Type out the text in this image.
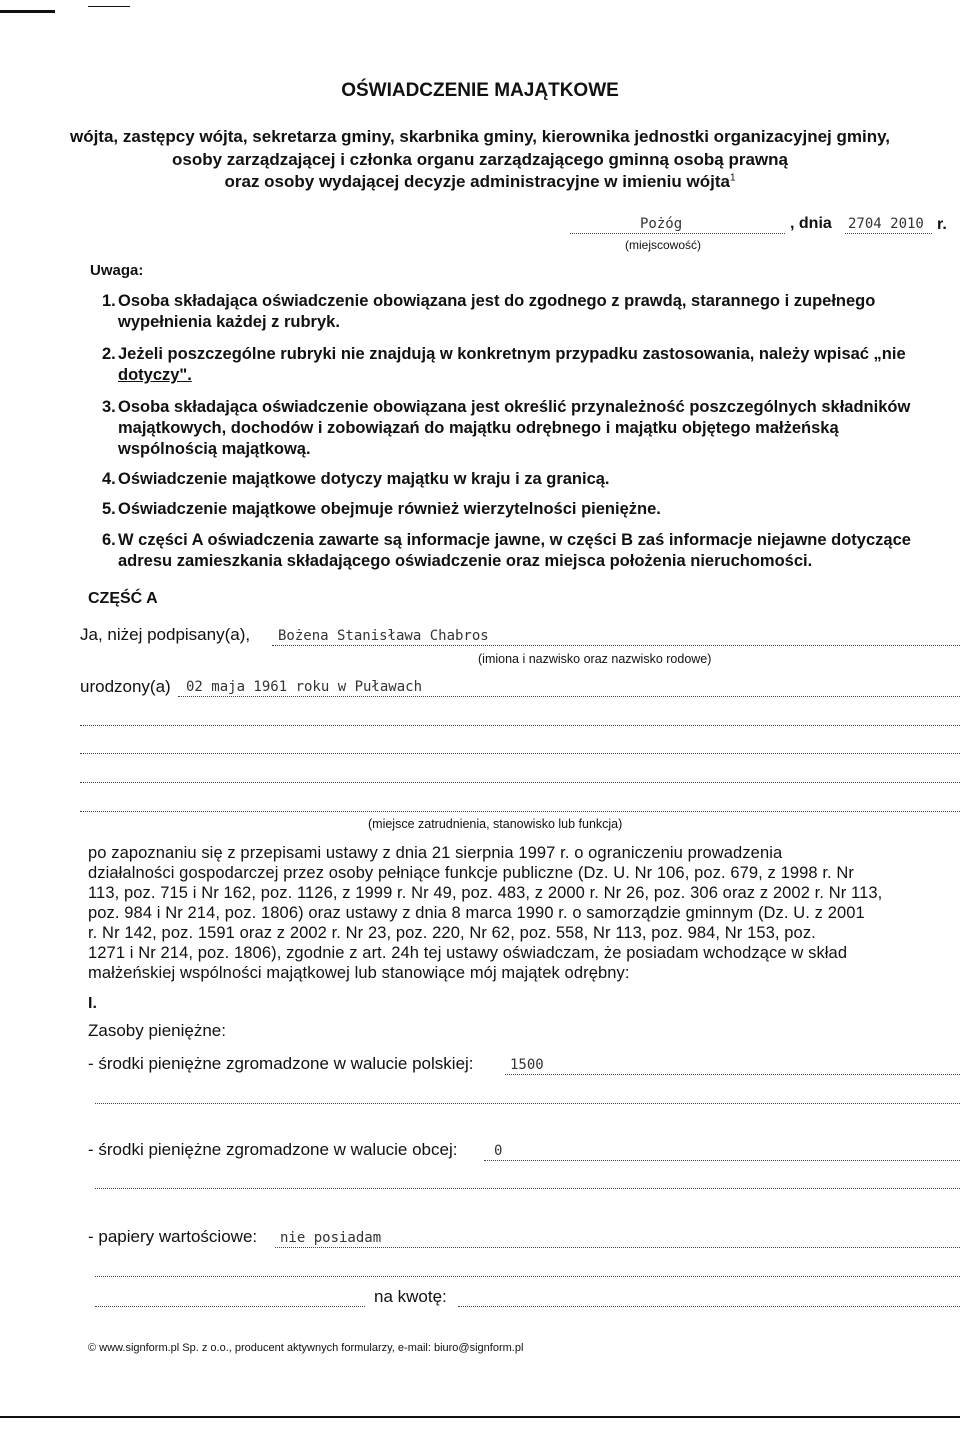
OŚWIADCZENIE MAJĄTKOWE
wójta, zastępcy wójta, sekretarza gminy, skarbnika gminy, kierownika jednostki organizacyjnej gminy,
osoby zarządzającej i członka organu zarządzającego gminną osobą prawną
oraz osoby wydającej decyzje administracyjne w imieniu wójta$^1$
Pożóg	, dnia 2704 2010 r.
(miejscowość)
Uwaga:
1. Osoba składająca oświadczenie obowiązana jest do zgodnego z prawdą, starannego i zupełnego
wypełnienia każdej z rubryk.
2. Jeżeli poszczególne rubryki nie znajdują w konkretnym przypadku zastosowania, należy wpisać „nie
dotyczy".
3. Osoba składająca oświadczenie obowiązana jest określić przynależność poszczególnych składników
majątkowych, dochodów i zobowiązań do majątku odrębnego i majątku objętego małżeńską
wspólnością majątkową.
4. Oświadczenie majątkowe dotyczy majątku w kraju i za granicą.
5. Oświadczenie majątkowe obejmuje również wierzytelności pieniężne.
6. W części A oświadczenia zawarte są informacje jawne, w części B zaś informacje niejawne dotyczące
adresu zamieszkania składającego oświadczenie oraz miejsca położenia nieruchomości.
CZĘŚĆ A
Ja, niżej podpisany(a), Bożena Stanisława Chabros
(imiona i nazwisko oraz nazwisko rodowe)
urodzony(a) 02 maja 1961 roku w Puławach
(miejsce zatrudnienia, stanowisko lub funkcja)
po zapoznaniu się z przepisami ustawy z dnia 21 sierpnia 1997 r. o ograniczeniu prowadzenia
działalności gospodarczej przez osoby pełniące funkcje publiczne (Dz. U. Nr 106, poz. 679, z 1998 r. Nr
113, poz. 715 i Nr 162, poz. 1126, z 1999 r. Nr 49, poz. 483, z 2000 r. Nr 26, poz. 306 oraz z 2002 r. Nr 113,
poz. 984 i Nr 214, poz. 1806) oraz ustawy z dnia 8 marca 1990 r. o samorządzie gminnym (Dz. U. z 2001
r. Nr 142, poz. 1591 oraz z 2002 r. Nr 23, poz. 220, Nr 62, poz. 558, Nr 113, poz. 984, Nr 153, poz.
1271 i Nr 214, poz. 1806), zgodnie z art. 24h tej ustawy oświadczam, że posiadam wchodzące w skład
małżeńskiej wspólności majątkowej lub stanowiące mój majątek odrębny:
I.
Zasoby pieniężne:
- środki pieniężne zgromadzone w walucie polskiej:	1500
- środki pieniężne zgromadzone w walucie obcej:	0
- papiery wartościowe: nie posiadam
na kwotę:
© www.signform.pl Sp. z o.o., producent aktywnych formularzy, e-mail: biuro@signform.pl
